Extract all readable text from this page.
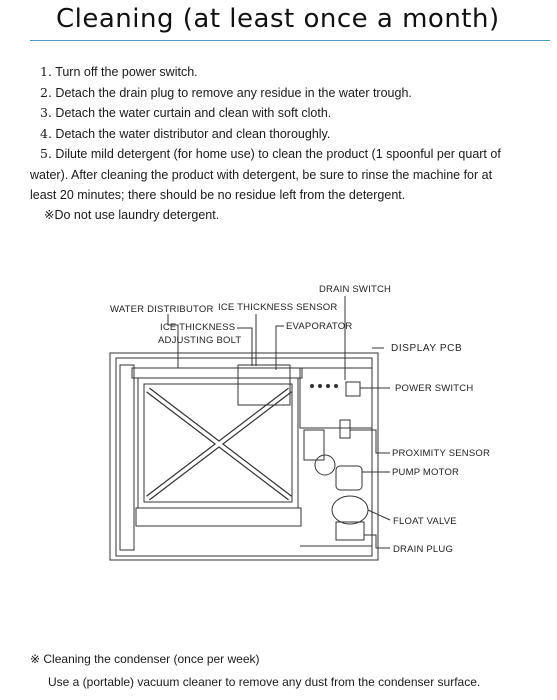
Cleaning (at least once a month)
1. Turn off the power switch.
2. Detach the drain plug to remove any residue in the water trough.
3. Detach the water curtain and clean with soft cloth.
4. Detach the water distributor and clean thoroughly.
5. Dilute mild detergent (for home use) to clean the product (1 spoonful per quart of
water). After cleaning the product with detergent, be sure to rinse the machine for at
least 20 minutes; there should be no residue left from the detergent.
※Do not use laundry detergent.
DRAIN SWITCH
WATER DISTRIBUTOR ICE THICKNESS SENSOR
ICE THICKNESS
ADJUSTING BOLT
EVAPORATOR
DISPLAY PCB
POWER SWITCH
PROXIMITY SENSOR
PUMP MOTOR
FLOAT VALVE
DRAIN PLUG
※ Cleaning the condenser (once per week)
Use a (portable) vacuum cleaner to remove any dust from the condenser surface.
